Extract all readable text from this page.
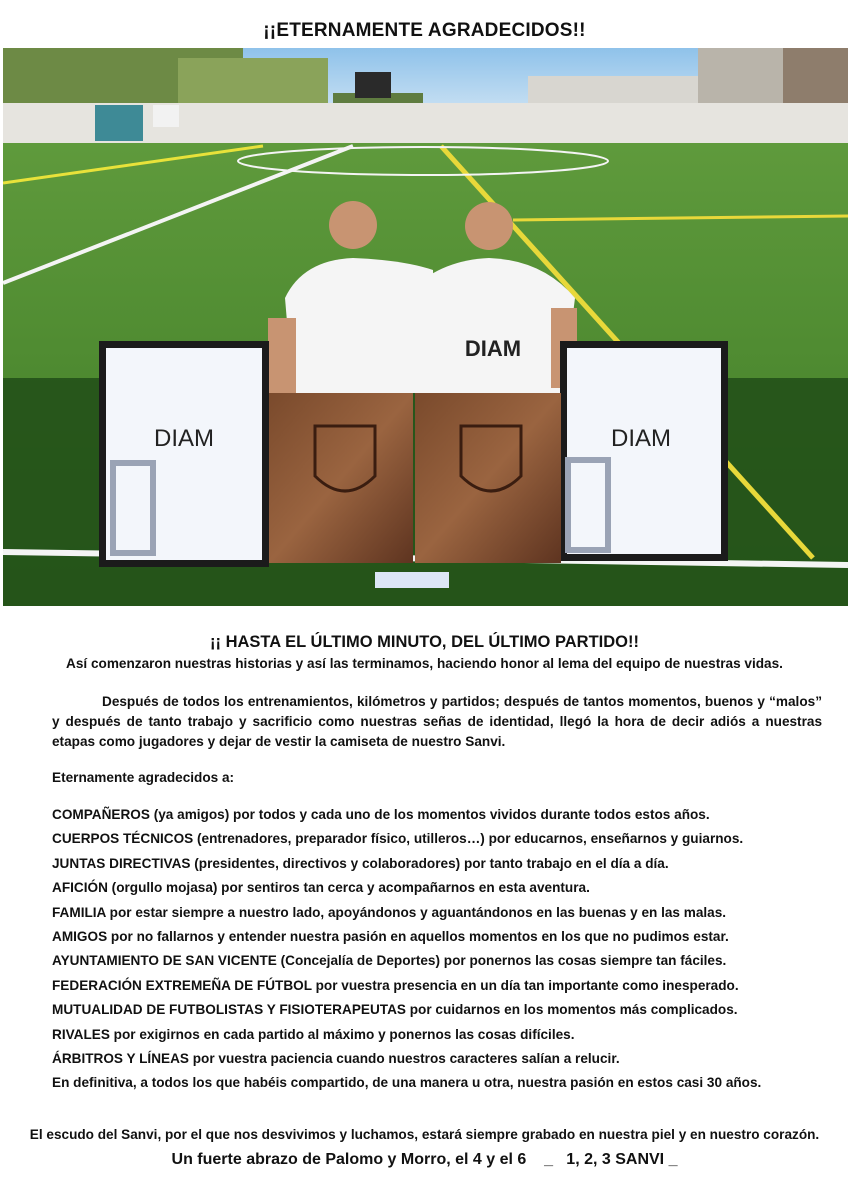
¡¡ETERNAMENTE AGRADECIDOS!!
DIAM
DIAM	DIAM
¡¡ HASTA EL ÚLTIMO MINUTO, DEL ÚLTIMO PARTIDO!!
Así comenzaron nuestras historias y así las terminamos, haciendo honor al lema del equipo de nuestras vidas.
Después de todos los entrenamientos, kilómetros y partidos; después de tantos momentos, buenos y “malos” y después de tanto trabajo y sacrificio como nuestras señas de identidad, llegó la hora de decir adiós a nuestras etapas como jugadores y dejar de vestir la camiseta de nuestro Sanvi.
Eternamente agradecidos a:
COMPAÑEROS (ya amigos) por todos y cada uno de los momentos vividos durante todos estos años.
CUERPOS TÉCNICOS (entrenadores, preparador físico, utilleros…) por educarnos, enseñarnos y guiarnos.
JUNTAS DIRECTIVAS (presidentes, directivos y colaboradores) por tanto trabajo en el día a día.
AFICIÓN (orgullo mojasa) por sentiros tan cerca y acompañarnos en esta aventura.
FAMILIA por estar siempre a nuestro lado, apoyándonos y aguantándonos en las buenas y en las malas.
AMIGOS por no fallarnos y entender nuestra pasión en aquellos momentos en los que no pudimos estar.
AYUNTAMIENTO DE SAN VICENTE (Concejalía de Deportes) por ponernos las cosas siempre tan fáciles.
FEDERACIÓN EXTREMEÑA DE FÚTBOL por vuestra presencia en un día tan importante como inesperado.
MUTUALIDAD DE FUTBOLISTAS Y FISIOTERAPEUTAS por cuidarnos en los momentos más complicados.
RIVALES por exigirnos en cada partido al máximo y ponernos las cosas difíciles.
ÁRBITROS Y LÍNEAS por vuestra paciencia cuando nuestros caracteres salían a relucir.
En definitiva, a todos los que habéis compartido, de una manera u otra, nuestra pasión en estos casi 30 años.
El escudo del Sanvi, por el que nos desvivimos y luchamos, estará siempre grabado en nuestra piel y en nuestro corazón.
Un fuerte abrazo de Palomo y Morro, el 4 y el 6    _   1, 2, 3 SANVI _
